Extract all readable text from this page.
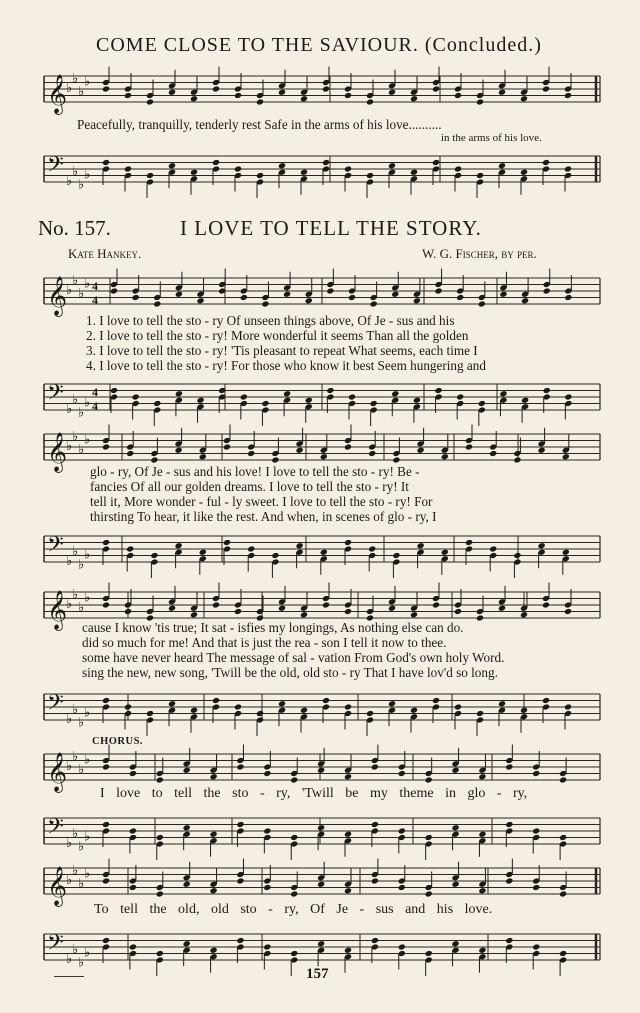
COME CLOSE TO THE SAVIOUR. (Concluded.)
𝄞
♭
♭
♭
♭
Peacefully, tranquilly, tenderly rest Safe in the arms of his love..........
in the arms of his love.
𝄢 ♭
♭
♭
♭
No. 157.	I LOVE TO TELL THE STORY.
Kate Hankey.	W. G. Fischer, by per.
𝄞
♭
♭
♭
♭ 4
4
1. I love to tell the sto - ry Of unseen things above, Of Je - sus and his
2. I love to tell the sto - ry! More wonderful it seems Than all the golden
3. I love to tell the sto - ry! 'Tis pleasant to repeat What seems, each time I
4. I love to tell the sto - ry! For those who know it best Seem hungering and
𝄢 ♭
♭
♭
♭
4
4
𝄞
♭
♭
♭
♭
glo - ry, Of Je - sus and his love! I love to tell the sto - ry! Be -
fancies Of all our golden dreams. I love to tell the sto - ry! It
tell it, More wonder - ful - ly sweet. I love to tell the sto - ry! For
thirsting To hear, it like the rest. And when, in scenes of glo - ry, I
𝄢 ♭
♭
♭
♭
𝄞
♭
♭
♭
♭
cause I know 'tis true; It sat - isfies my longings, As nothing else can do.
did so much for me! And that is just the rea - son I tell it now to thee.
some have never heard The message of sal - vation From God's own holy Word.
sing the new, new song, 'Twill be the old, old sto - ry That I have lov'd so long.
𝄢 ♭
♭
♭
♭
CHORUS.
𝄞
♭
♭
♭
♭
I love to tell the sto - ry, 'Twill be my theme in glo - ry,
𝄢 ♭
♭
♭
♭
𝄞
♭
♭
♭
♭
To tell the old, old sto - ry, Of Je - sus and his love.
𝄢 ♭
♭
♭
♭
157
